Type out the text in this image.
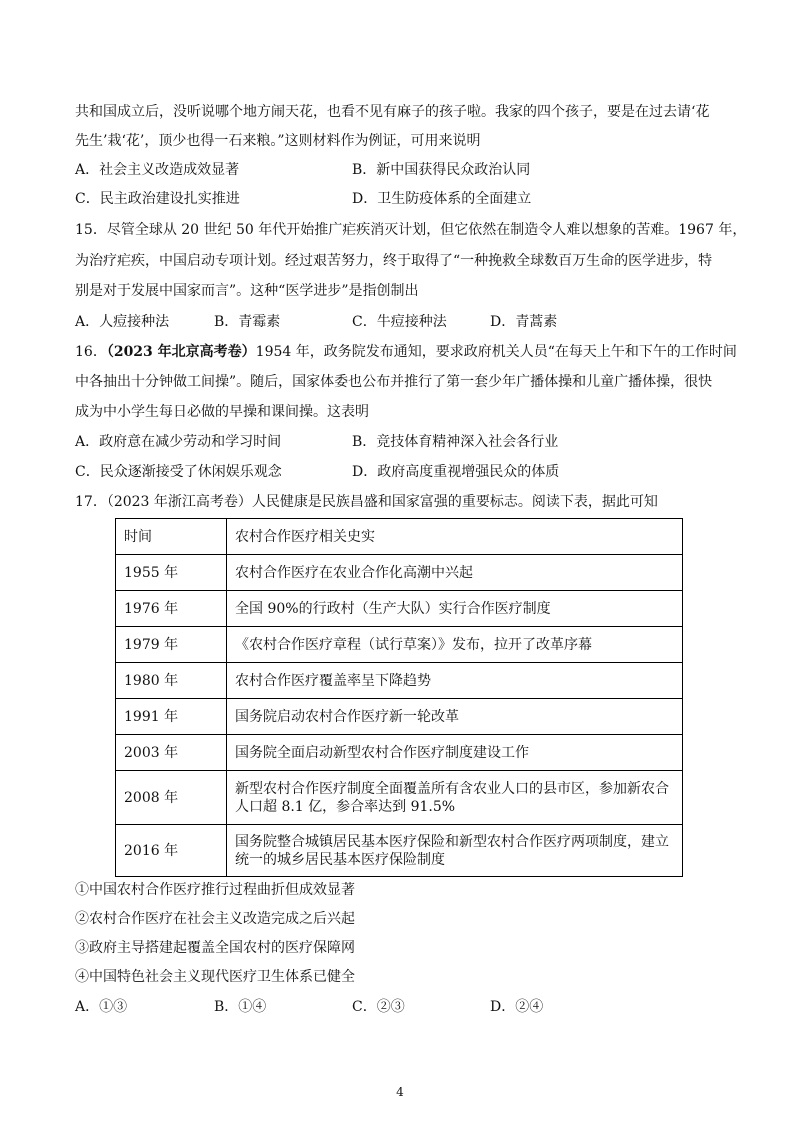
共和国成立后，没听说哪个地方闹天花，也看不见有麻子的孩子啦。我家的四个孩子，要是在过去请‘花
先生’栽‘花’，顶少也得一石来粮。”这则材料作为例证，可用来说明
A．社会主义改造成效显著	B．新中国获得民众政治认同
C．民主政治建设扎实推进	D．卫生防疫体系的全面建立
15．尽管全球从 20 世纪 50 年代开始推广疟疾消灭计划，但它依然在制造令人难以想象的苦难。1967 年，
为治疗疟疾，中国启动专项计划。经过艰苦努力，终于取得了“一种挽救全球数百万生命的医学进步，特
别是对于发展中国家而言”。这种“医学进步”是指创制出
A．人痘接种法	B．青霉素	C．牛痘接种法	D．青蒿素
16．（2023 年北京高考卷）1954 年，政务院发布通知，要求政府机关人员“在每天上午和下午的工作时间
中各抽出十分钟做工间操”。随后，国家体委也公布并推行了第一套少年广播体操和儿童广播体操，很快
成为中小学生每日必做的早操和课间操。这表明
A．政府意在减少劳动和学习时间	B．竞技体育精神深入社会各行业
C．民众逐渐接受了休闲娱乐观念	D．政府高度重视增强民众的体质
17．（2023 年浙江高考卷）人民健康是民族昌盛和国家富强的重要标志。阅读下表，据此可知
时间	农村合作医疗相关史实
1955 年	农村合作医疗在农业合作化高潮中兴起
1976 年	全国 90%的行政村（生产大队）实行合作医疗制度
1979 年	《农村合作医疗章程（试行草案）》发布，拉开了改革序幕
1980 年	农村合作医疗覆盖率呈下降趋势
1991 年	国务院启动农村合作医疗新一轮改革
2003 年	国务院全面启动新型农村合作医疗制度建设工作
2008 年	新型农村合作医疗制度全面覆盖所有含农业人口的县市区，参加新农合人口超 8.1 亿，参合率达到 91.5%
2016 年	国务院整合城镇居民基本医疗保险和新型农村合作医疗两项制度，建立统一的城乡居民基本医疗保险制度
①中国农村合作医疗推行过程曲折但成效显著
②农村合作医疗在社会主义改造完成之后兴起
③政府主导搭建起覆盖全国农村的医疗保障网
④中国特色社会主义现代医疗卫生体系已健全
A．①③	B．①④	C．②③	D．②④
4
